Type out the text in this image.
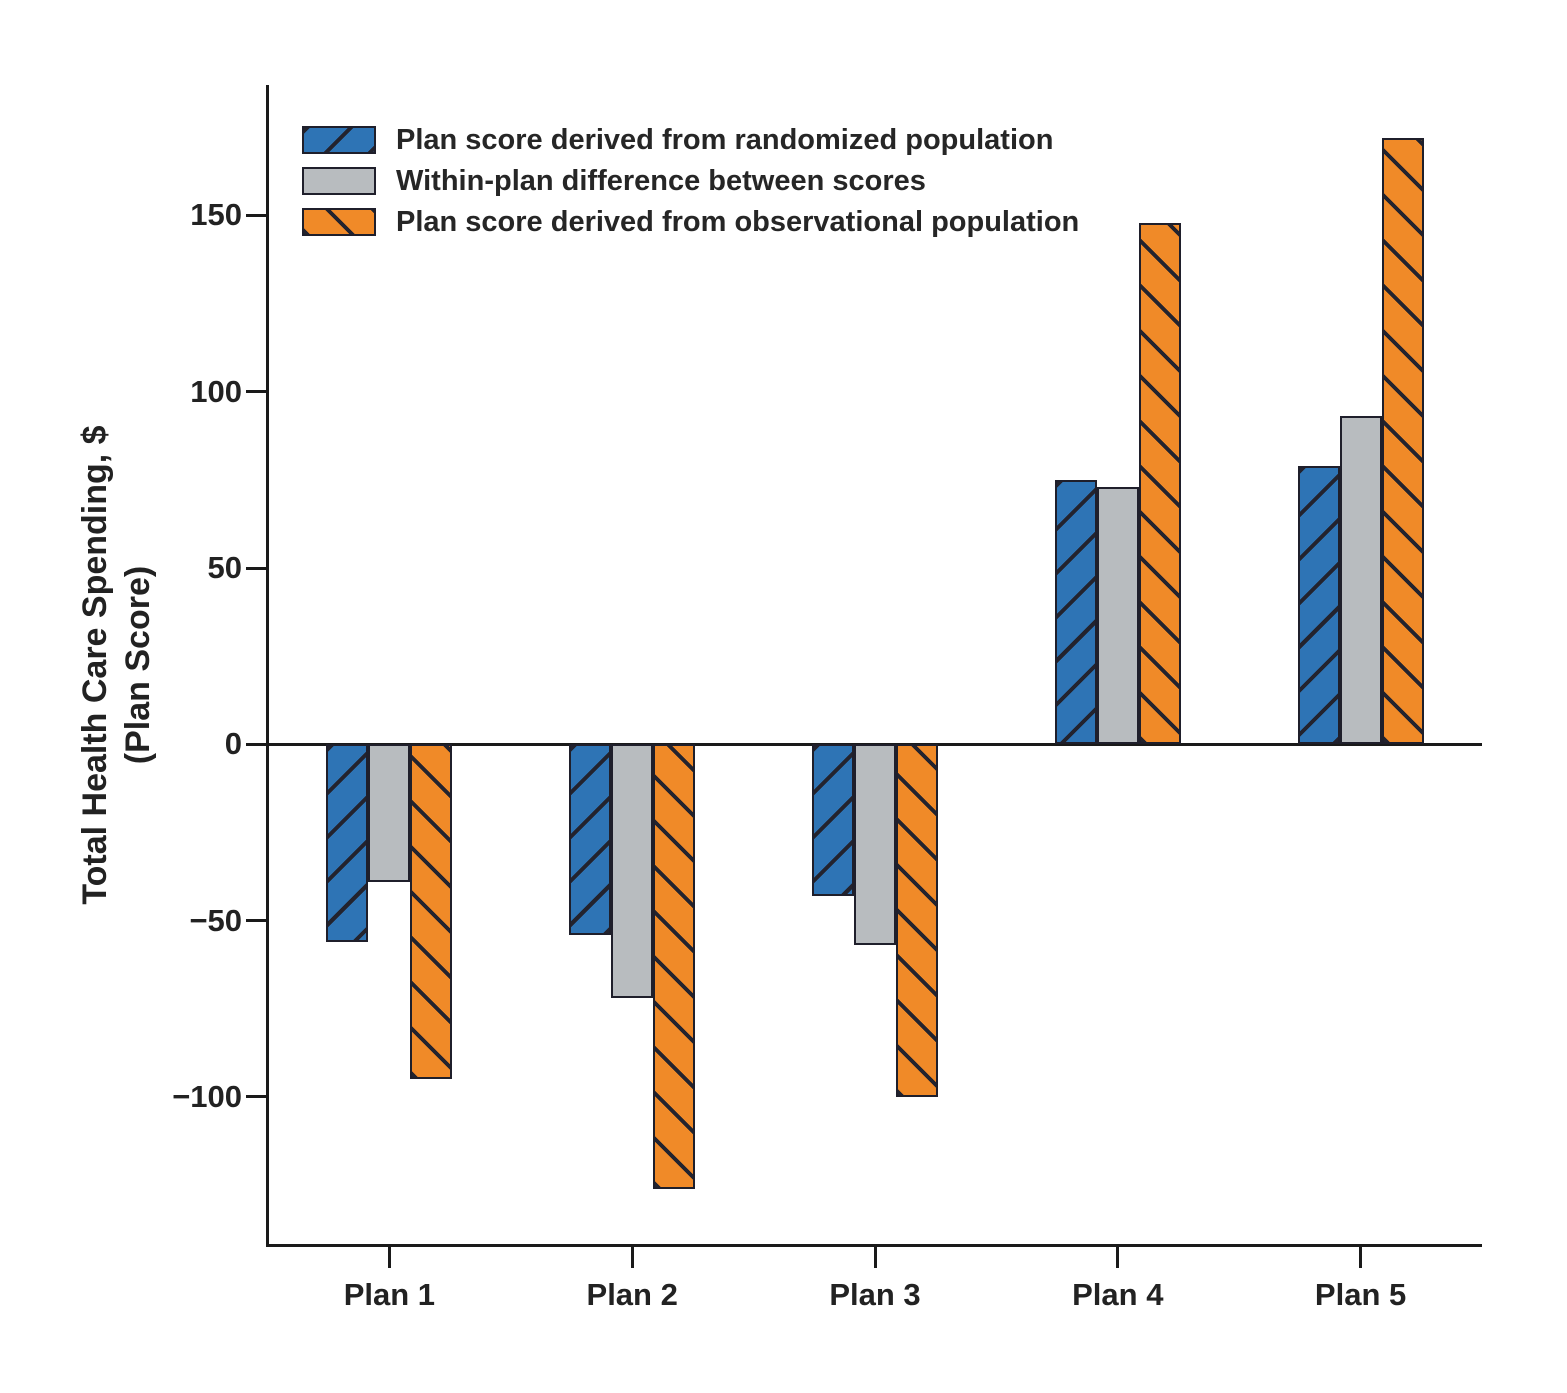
Total Health Care Spending, $ (Plan Score)
150
100
50
0
−50
−100
Plan 1	Plan 2	Plan 3	Plan 4	Plan 5
Plan score derived from randomized population
Within-plan difference between scores
Plan score derived from observational population
